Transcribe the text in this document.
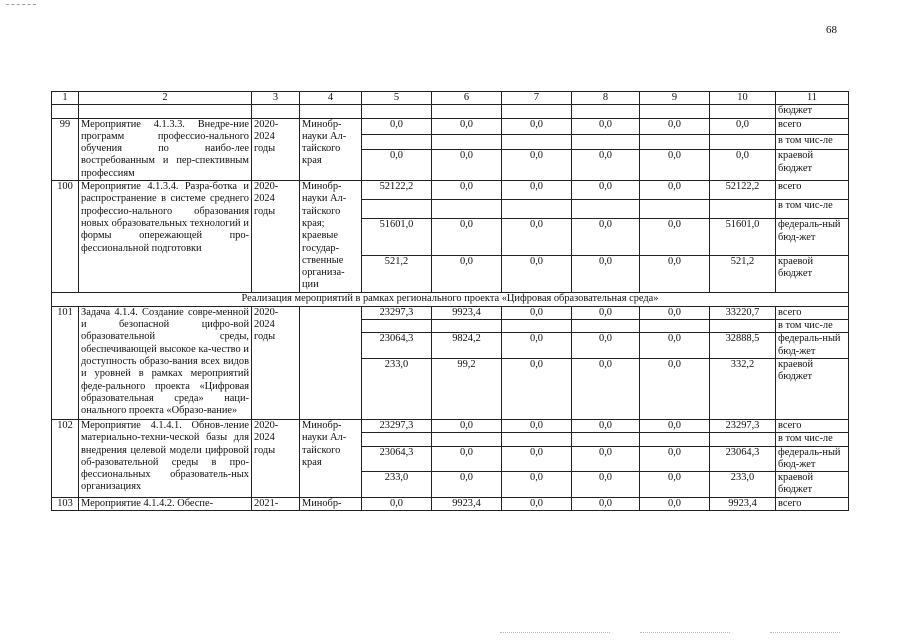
68
1	2	3	4	5	6	7	8	9	10	11
										бюджет
99	Мероприятие 4.1.3.3. Внедре-ние программ профессио-нального обучения по наибо-лее востребованным и пер-спективным профессиям	2020-2024 годы	Минобр-науки Ал-тайского края	0,0	0,0	0,0	0,0	0,0	0,0	всего
										в том чис-ле
				0,0	0,0	0,0	0,0	0,0	0,0	краевой бюджет
100	Мероприятие 4.1.3.4. Разра-ботка и распространение в системе среднего профессио-нального образования новых образовательных технологий и формы опережающей про-фессиональной подготовки	2020-2024 годы	Минобр-науки Ал-тайского края; краевые государ-ственные организа-ции	52122,2	0,0	0,0	0,0	0,0	52122,2	всего
										в том чис-ле
				51601,0	0,0	0,0	0,0	0,0	51601,0	федераль-ный бюд-жет
				521,2	0,0	0,0	0,0	0,0	521,2	краевой бюджет
Реализация мероприятий в рамках регионального проекта «Цифровая образовательная среда»										
101	Задача 4.1.4. Создание совре-менной и безопасной цифро-вой образовательной среды, обеспечивающей высокое ка-чество и доступность образо-вания всех видов и уровней в рамках мероприятий феде-рального проекта «Цифровая образовательная среда» наци-онального проекта «Образо-вание»	2020-2024 годы		23297,3	9923,4	0,0	0,0	0,0	33220,7	всего
										в том чис-ле
				23064,3	9824,2	0,0	0,0	0,0	32888,5	федераль-ный бюд-жет
				233,0	99,2	0,0	0,0	0,0	332,2	краевой бюджет
102	Мероприятие 4.1.4.1. Обнов-ление материально-техни-ческой базы для внедрения целевой модели цифровой об-разовательной среды в про-фессиональных образователь-ных организациях	2020-2024 годы	Минобр-науки Ал-тайского края	23297,3	0,0	0,0	0,0	0,0	23297,3	всего
										в том чис-ле
				23064,3	0,0	0,0	0,0	0,0	23064,3	федераль-ный бюд-жет
				233,0	0,0	0,0	0,0	0,0	233,0	краевой бюджет
103	Мероприятие 4.1.4.2. Обеспе-	2021-	Минобр-	0,0	9923,4	0,0	0,0	0,0	9923,4	всего
